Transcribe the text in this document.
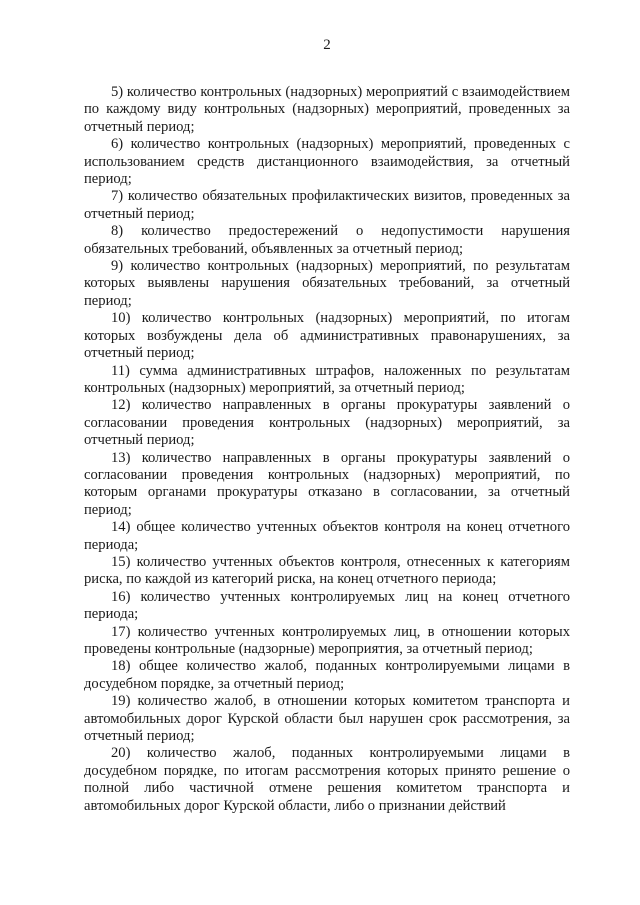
2

5) количество контрольных (надзорных) мероприятий с взаимодействием по каждому виду контрольных (надзорных) мероприятий, проведенных за отчетный период;

6) количество контрольных (надзорных) мероприятий, проведенных с использованием средств дистанционного взаимодействия, за отчетный период;

7) количество обязательных профилактических визитов, проведенных за отчетный период;

8) количество предостережений о недопустимости нарушения обязательных требований, объявленных за отчетный период;

9) количество контрольных (надзорных) мероприятий, по результатам которых выявлены нарушения обязательных требований, за отчетный период;

10) количество контрольных (надзорных) мероприятий, по итогам которых возбуждены дела об административных правонарушениях, за отчетный период;

11) сумма административных штрафов, наложенных по результатам контрольных (надзорных) мероприятий, за отчетный период;

12) количество направленных в органы прокуратуры заявлений о согласовании проведения контрольных (надзорных) мероприятий, за отчетный период;

13) количество направленных в органы прокуратуры заявлений о согласовании проведения контрольных (надзорных) мероприятий, по которым органами прокуратуры отказано в согласовании, за отчетный период;

14) общее количество учтенных объектов контроля на конец отчетного периода;

15) количество учтенных объектов контроля, отнесенных к категориям риска, по каждой из категорий риска, на конец отчетного периода;

16) количество учтенных контролируемых лиц на конец отчетного периода;

17) количество учтенных контролируемых лиц, в отношении которых проведены контрольные (надзорные) мероприятия, за отчетный период;

18) общее количество жалоб, поданных контролируемыми лицами в досудебном порядке, за отчетный период;

19) количество жалоб, в отношении которых комитетом транспорта и автомобильных дорог Курской области был нарушен срок рассмотрения, за отчетный период;

20) количество жалоб, поданных контролируемыми лицами в досудебном порядке, по итогам рассмотрения которых принято решение о полной либо частичной отмене решения комитетом транспорта и автомобильных дорог Курской области, либо о признании действий
